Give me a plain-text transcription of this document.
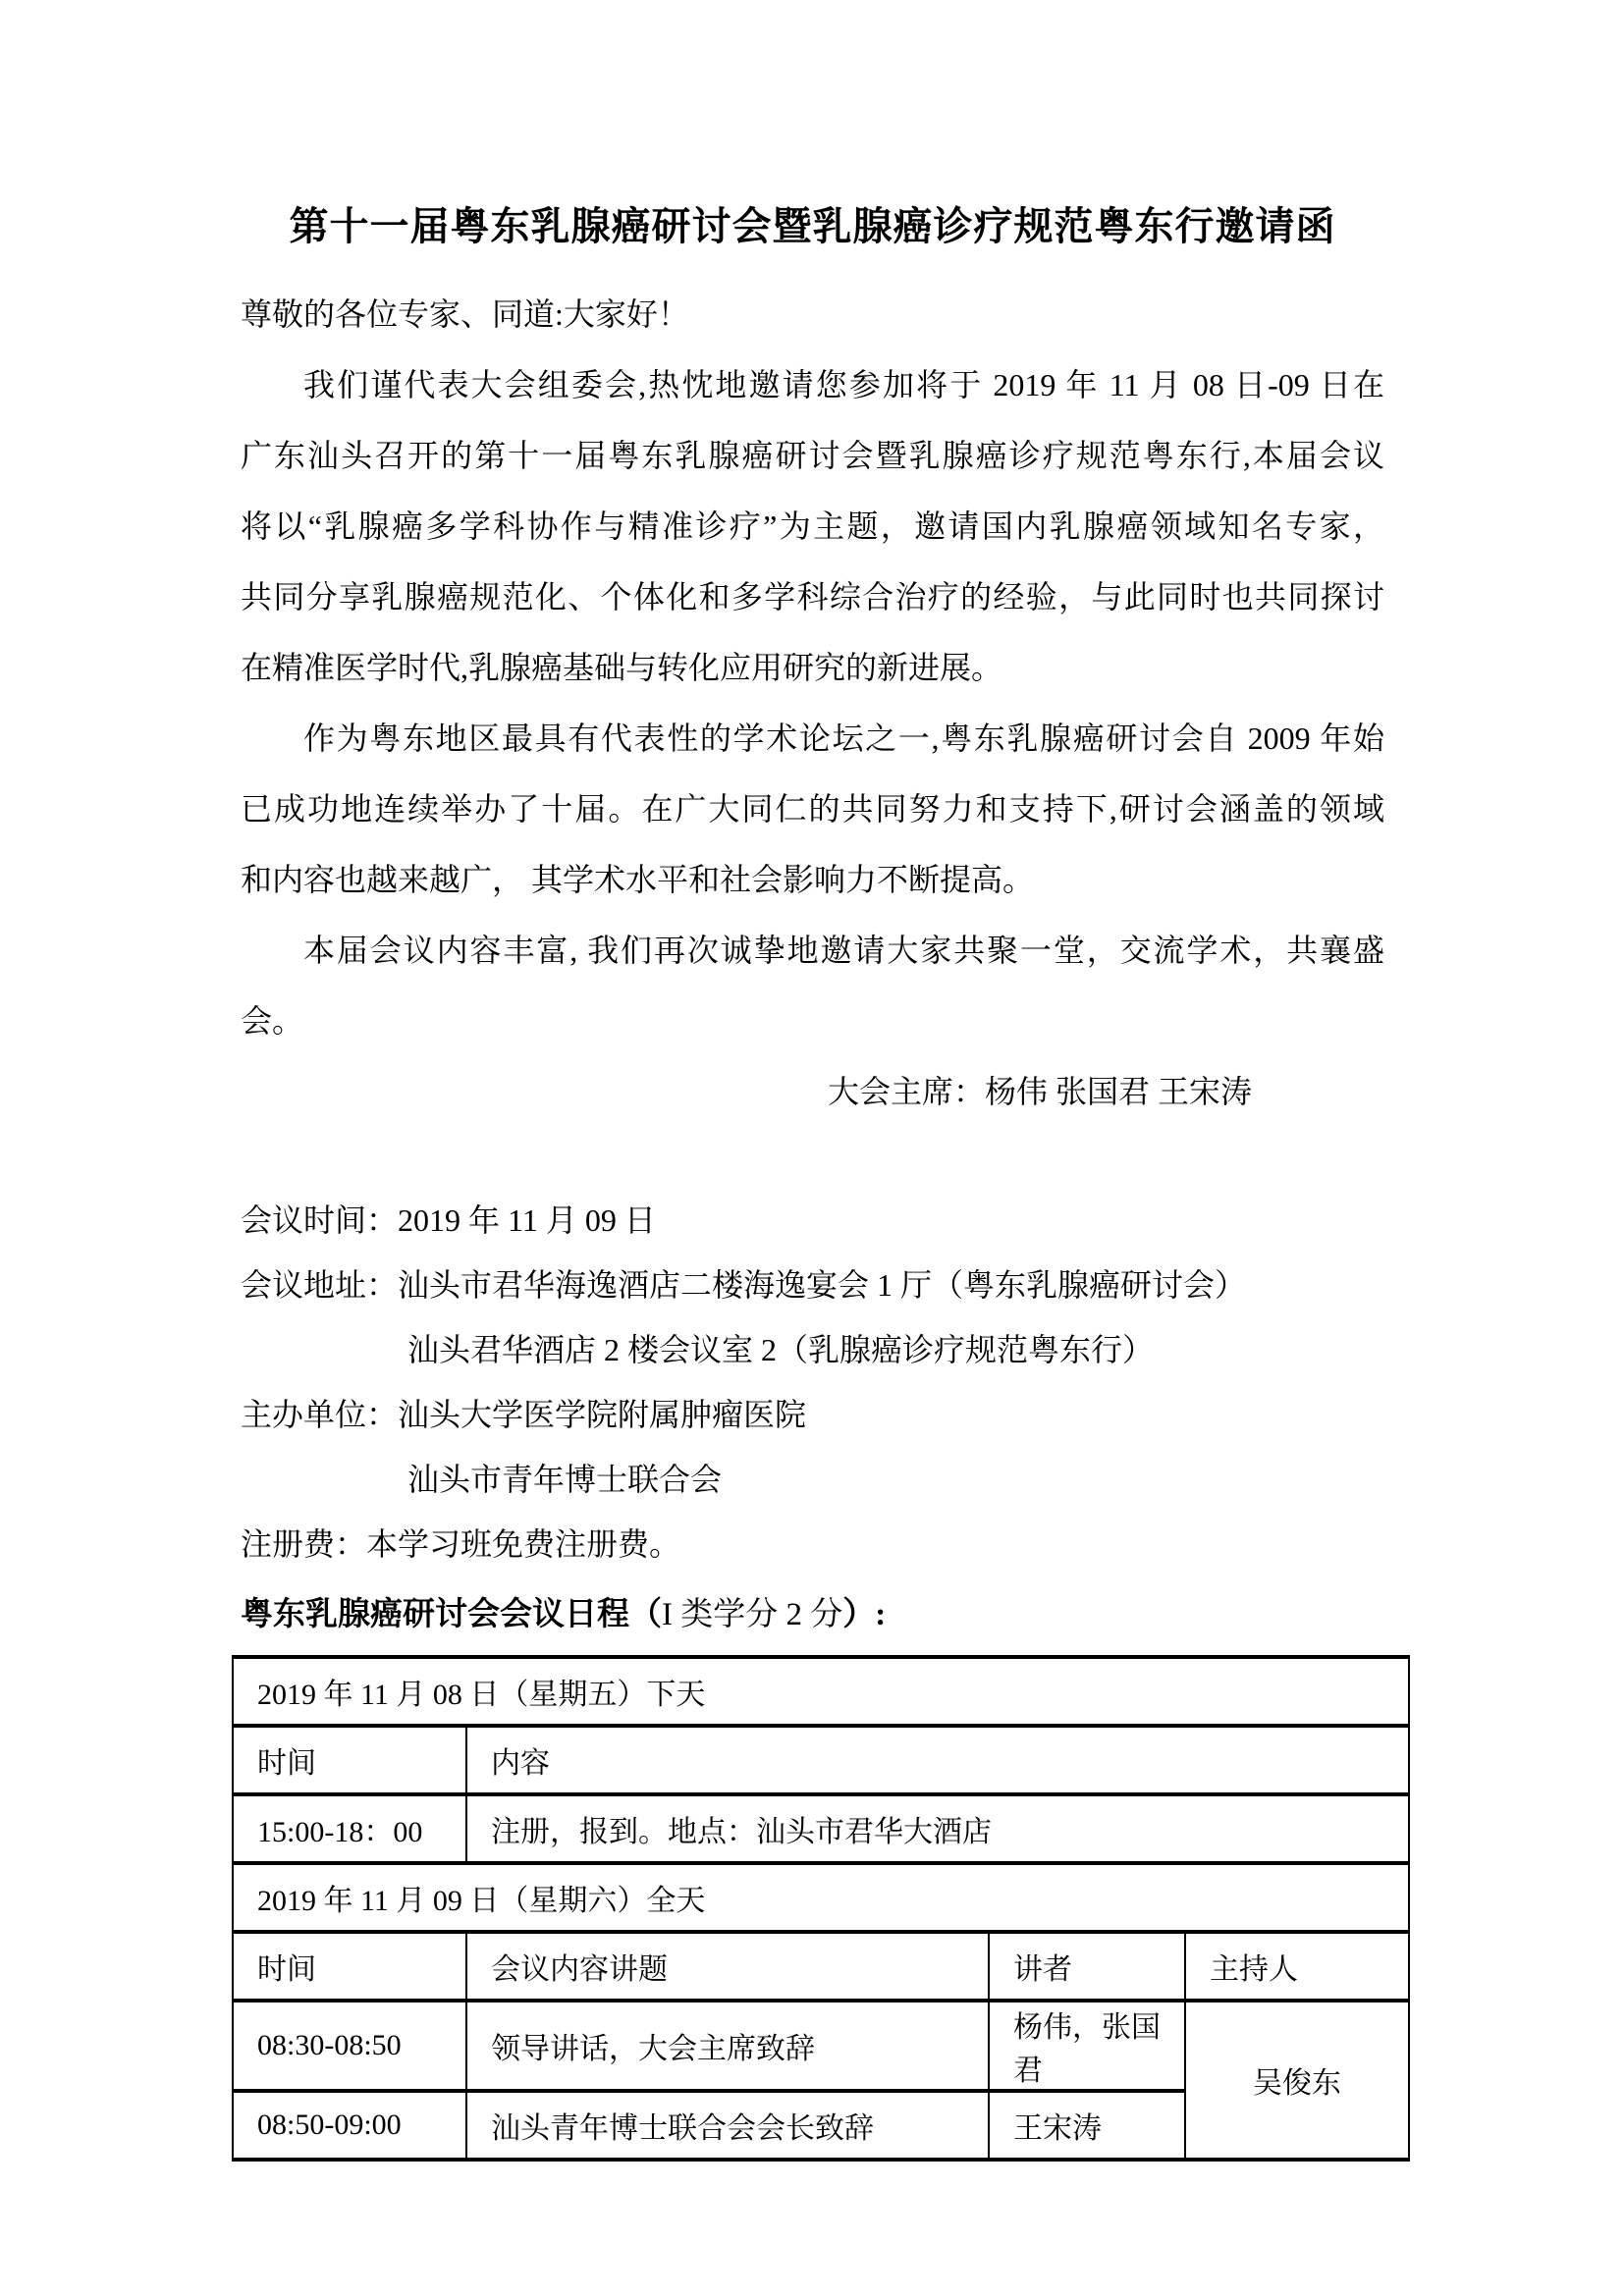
第十一届粤东乳腺癌研讨会暨乳腺癌诊疗规范粤东行邀请函
尊敬的各位专家、同道:大家好！
我们谨代表大会组委会,热忱地邀请您参加将于 2019 年 11 月 08 日-09 日在
广东汕头召开的第十一届粤东乳腺癌研讨会暨乳腺癌诊疗规范粤东行,本届会议
将以“乳腺癌多学科协作与精准诊疗”为主题，邀请国内乳腺癌领域知名专家，
共同分享乳腺癌规范化、个体化和多学科综合治疗的经验，与此同时也共同探讨
在精准医学时代,乳腺癌基础与转化应用研究的新进展。
作为粤东地区最具有代表性的学术论坛之一,粤东乳腺癌研讨会自 2009 年始
已成功地连续举办了十届。在广大同仁的共同努力和支持下,研讨会涵盖的领域
和内容也越来越广， 其学术水平和社会影响力不断提高。
本届会议内容丰富, 我们再次诚挚地邀请大家共聚一堂，交流学术，共襄盛
会。
大会主席：杨伟 张国君 王宋涛
会议时间：2019 年 11 月 09 日
会议地址：汕头市君华海逸酒店二楼海逸宴会 1 厅（粤东乳腺癌研讨会）
汕头君华酒店 2 楼会议室 2（乳腺癌诊疗规范粤东行）
主办单位：汕头大学医学院附属肿瘤医院
汕头市青年博士联合会
注册费：本学习班免费注册费。
粤东乳腺癌研讨会会议日程（I 类学分 2 分）:
2019 年 11 月 08 日（星期五）下天			
时间	内容		
15:00-18：00	注册，报到。地点：汕头市君华大酒店		
2019 年 11 月 09 日（星期六）全天			
时间	会议内容讲题	讲者	主持人
08:30-08:50	领导讲话，大会主席致辞	杨伟，张国君	吴俊东
08:50-09:00	汕头青年博士联合会会长致辞	王宋涛	
